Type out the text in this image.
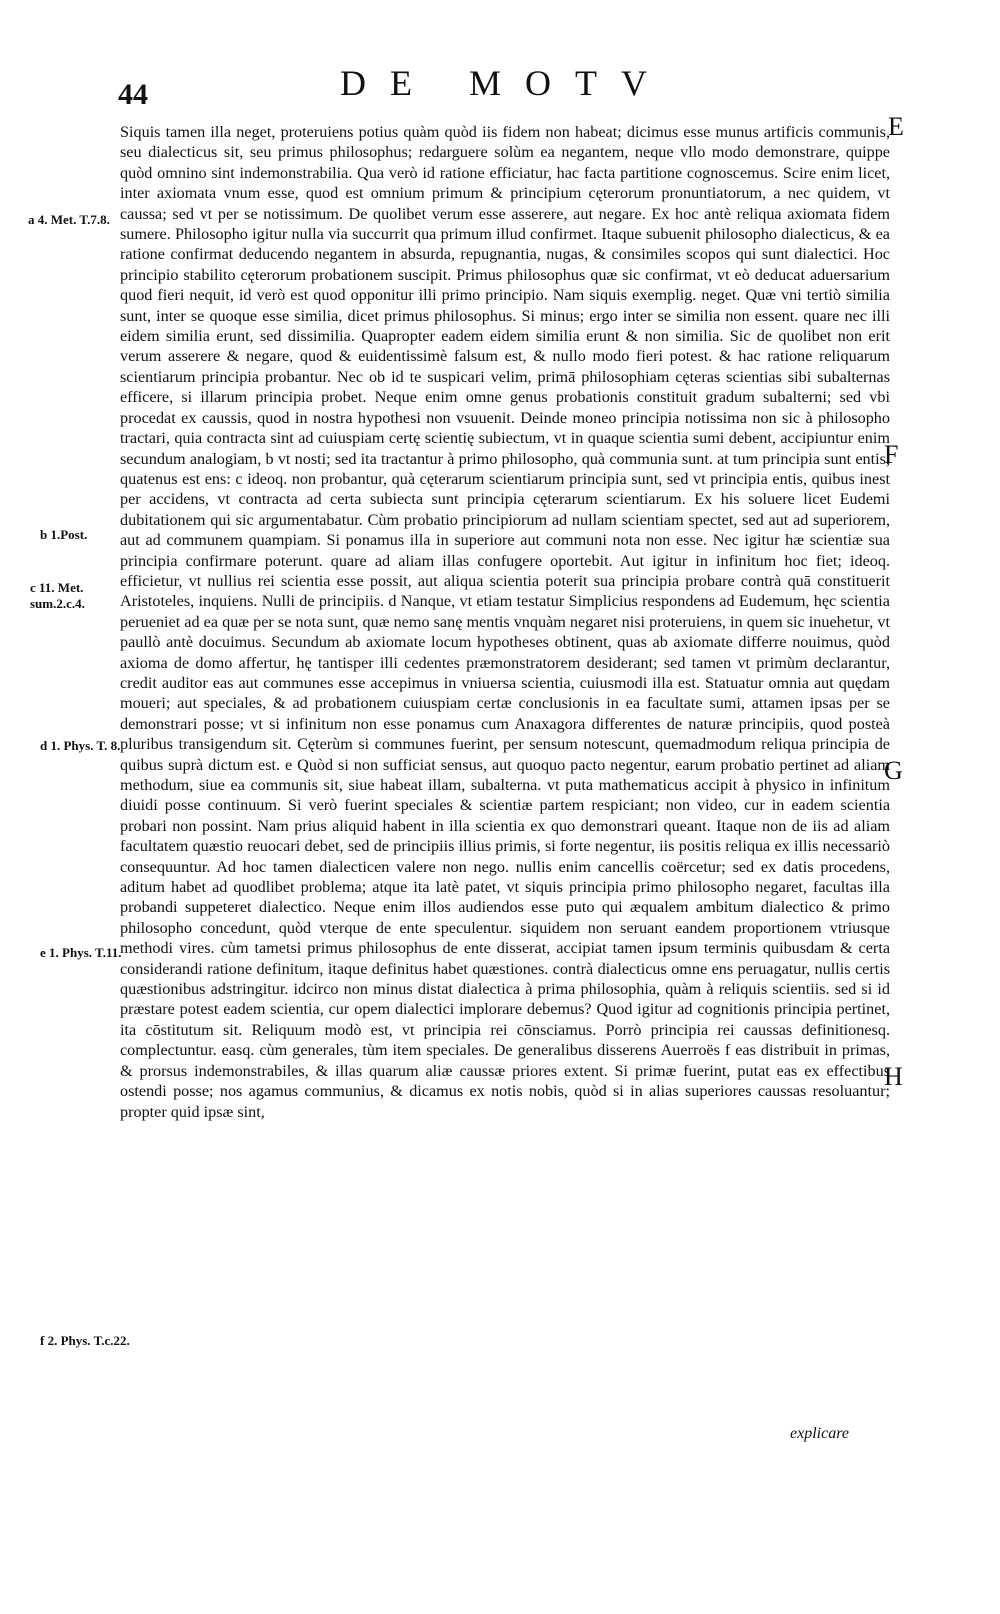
44	DE MOTV

Siquis tamen illa neget, proteruiens potius quàm quòd iis fidem non habeat; dicimus esse munus artificis communis, seu dialecticus sit, seu primus philosophus; redarguere solùm ea negantem, neque vllo modo demonstrare, quippe quòd omnino sint indemonstrabilia. Qua verò id ratione efficiatur, hac facta partitione cognoscemus. Scire enim licet, inter axiomata vnum esse, quod est omnium primum & principium cęterorum pronuntiatorum, a nec quidem, vt caussa; sed vt per se notissimum. De quolibet verum esse asserere, aut negare. Ex hoc antè reliqua axiomata fidem sumere. Philosopho igitur nulla via succurrit qua primum illud confirmet. Itaque subuenit philosopho dialecticus, & ea ratione confirmat deducendo negantem in absurda, repugnantia, nugas, & consimiles scopos qui sunt dialectici. Hoc principio stabilito cęterorum probationem suscipit. Primus philosophus quæ sic confirmat, vt eò deducat aduersarium quod fieri nequit, id verò est quod opponitur illi primo principio. Nam siquis exemplig. neget. Quæ vni tertiò similia sunt, inter se quoque esse similia, dicet primus philosophus. Si minus; ergo inter se similia non essent. quare nec illi eidem similia erunt, sed dissimilia. Quapropter eadem eidem similia erunt & non similia. Sic de quolibet non erit verum asserere & negare, quod & euidentissimè falsum est, & nullo modo fieri potest. & hac ratione reliquarum scientiarum principia probantur. Nec ob id te suspicari velim, primā philosophiam cęteras scientias sibi subalternas efficere, si illarum principia probet. Neque enim omne genus probationis constituit gradum subalterni; sed vbi procedat ex caussis, quod in nostra hypothesi non vsuuenit. Deinde moneo principia notissima non sic à philosopho tractari, quia contracta sint ad cuiuspiam certę scientię subiectum, vt in quaque scientia sumi debent, accipiuntur enim secundum analogiam, b vt nosti; sed ita tractantur à primo philosopho, quà communia sunt. at tum principia sunt entis, quatenus est ens: c ideoq. non probantur, quà cęterarum scientiarum principia sunt, sed vt principia entis, quibus inest per accidens, vt contracta ad certa subiecta sunt principia cęterarum scientiarum. Ex his soluere licet Eudemi dubitationem qui sic argumentabatur. Cùm probatio principiorum ad nullam scientiam spectet, sed aut ad superiorem, aut ad communem quampiam. Si ponamus illa in superiore aut communi nota non esse. Nec igitur hæ scientiæ sua principia confirmare poterunt. quare ad aliam illas confugere oportebit. Aut igitur in infinitum hoc fiet; ideoq. efficietur, vt nullius rei scientia esse possit, aut aliqua scientia poterit sua principia probare contrà quā constituerit Aristoteles, inquiens. Nulli de principiis. d Nanque, vt etiam testatur Simplicius respondens ad Eudemum, hęc scientia perueniet ad ea quæ per se nota sunt, quæ nemo sanę mentis vnquàm negaret nisi proteruiens, in quem sic inuehetur, vt paullò antè docuimus. Secundum ab axiomate locum hypotheses obtinent, quas ab axiomate differre nouimus, quòd axioma de domo affertur, hę tantisper illi cedentes præmonstratorem desiderant; sed tamen vt primùm declarantur, credit auditor eas aut communes esse accepimus in vniuersa scientia, cuiusmodi illa est. Statuatur omnia aut quędam moueri; aut speciales, & ad probationem cuiuspiam certæ conclusionis in ea facultate sumi, attamen ipsas per se demonstrari posse; vt si infinitum non esse ponamus cum Anaxagora differentes de naturæ principiis, quod posteà pluribus transigendum sit. Cęterùm si communes fuerint, per sensum notescunt, quemadmodum reliqua principia de quibus suprà dictum est. e Quòd si non sufficiat sensus, aut quoquo pacto negentur, earum probatio pertinet ad aliam methodum, siue ea communis sit, siue habeat illam, subalterna. vt puta mathematicus accipit à physico in infinitum diuidi posse continuum. Si verò fuerint speciales & scientiæ partem respiciant; non video, cur in eadem scientia probari non possint. Nam prius aliquid habent in illa scientia ex quo demonstrari queant. Itaque non de iis ad aliam facultatem quæstio reuocari debet, sed de principiis illius primis, si forte negentur, iis positis reliqua ex illis necessariò consequuntur. Ad hoc tamen dialecticen valere non nego. nullis enim cancellis coërcetur; sed ex datis procedens, aditum habet ad quodlibet problema; atque ita latè patet, vt siquis principia primo philosopho negaret, facultas illa probandi suppeteret dialectico. Neque enim illos audiendos esse puto qui æqualem ambitum dialectico & primo philosopho concedunt, quòd vterque de ente speculentur. siquidem non seruant eandem proportionem vtriusque methodi vires. cùm tametsi primus philosophus de ente disserat, accipiat tamen ipsum terminis quibusdam & certa considerandi ratione definitum, itaque definitus habet quæstiones. contrà dialecticus omne ens peruagatur, nullis certis quæstionibus adstringitur. idcirco non minus distat dialectica à prima philosophia, quàm à reliquis scientiis. sed si id præstare potest eadem scientia, cur opem dialectici implorare debemus? Quod igitur ad cognitionis principia pertinet, ita cōstitutum sit. Reliquum modò est, vt principia rei cōnsciamus. Porrò principia rei caussas definitionesq. complectuntur. easq. cùm generales, tùm item speciales. De generalibus disserens Auerroës f eas distribuit in primas, & prorsus indemonstrabiles, & illas quarum aliæ caussæ priores extent. Si primæ fuerint, putat eas ex effectibus ostendi posse; nos agamus communius, & dicamus ex notis nobis, quòd si in alias superiores caussas resoluantur; propter quid ipsæ sint,

a 4. Met. T.7.8.
b 1.Post.
c 11. Met. sum.2.c.4.
d 1. Phys. T. 8.
e 1. Phys. T.11.
f 2. Phys. T.c.22.
E
F
G
H
explicare
